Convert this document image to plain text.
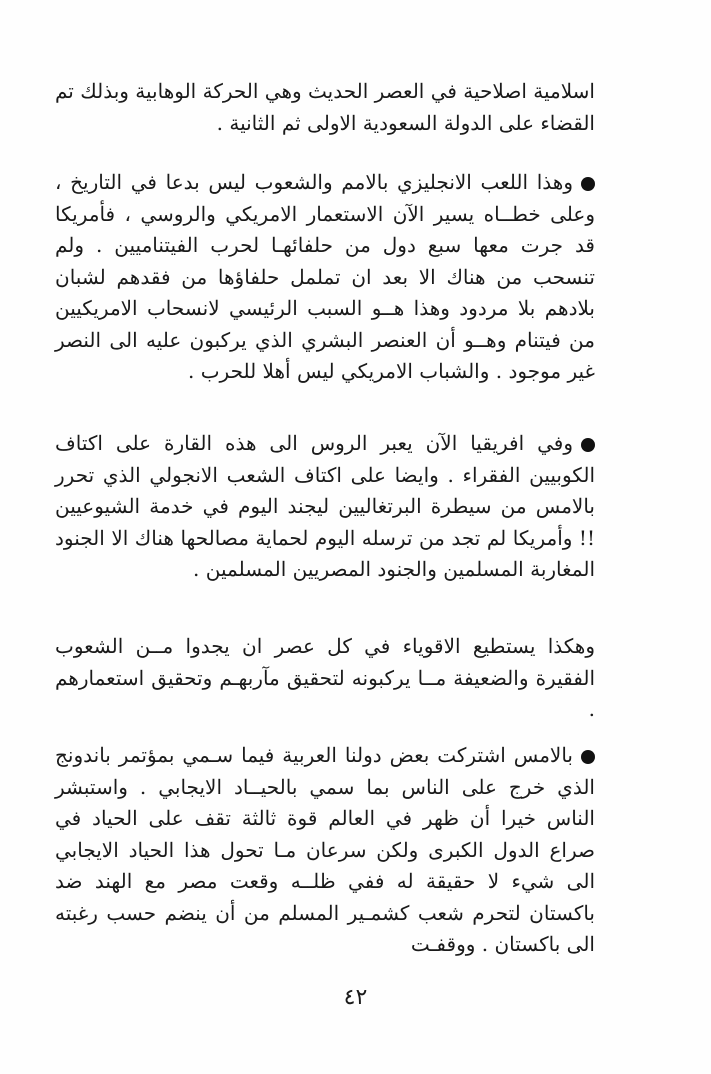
اسلامية اصلاحية في العصر الحديث وهي الحركة الوهابية وبذلك تم القضاء على الدولة السعودية الاولى ثم الثانية .

وهذا اللعب الانجليزي بالامم والشعوب ليس بدعا في التاريخ ، وعلى خطــاه يسير الآن الاستعمار الامريكي والروسي ، فأمريكا قد جرت معها سبع دول من حلفائهـا لحرب الفيتناميين . ولم تنسحب من هناك الا بعد ان تململ حلفاؤها من فقدهم لشبان بلادهم بلا مردود وهذا هــو السبب الرئيسي لانسحاب الامريكيين من فيتنام وهــو أن العنصر البشري الذي يركبون عليه الى النصر غير موجود . والشباب الامريكي ليس أهلا للحرب .

وفي افريقيا الآن يعبر الروس الى هذه القارة على اكتاف الكوبيين الفقراء . وايضا على اكتاف الشعب الانجولي الذي تحرر بالامس من سيطرة البرتغاليين ليجند اليوم في خدمة الشيوعيين !! وأمريكا لم تجد من ترسله اليوم لحماية مصالحها هناك الا الجنود المغاربة المسلمين والجنود المصريين المسلمين .

وهكذا يستطيع الاقوياء في كل عصر ان يجدوا مــن الشعوب الفقيرة والضعيفة مــا يركبونه لتحقيق مآربهـم وتحقيق استعمارهم .

بالامس اشتركت بعض دولنا العربية فيما سـمي بمؤتمر باندونج الذي خرج على الناس بما سمي بالحيــاد الايجابي . واستبشر الناس خيرا أن ظهر في العالم قوة ثالثة تقف على الحياد في صراع الدول الكبرى ولكن سرعان مـا تحول هذا الحياد الايجابي الى شيء لا حقيقة له ففي ظلــه وقعت مصر مع الهند ضد باكستان لتحرم شعب كشمـير المسلم من أن ينضم حسب رغبته الى باكستان . ووقفـت

٤٢
